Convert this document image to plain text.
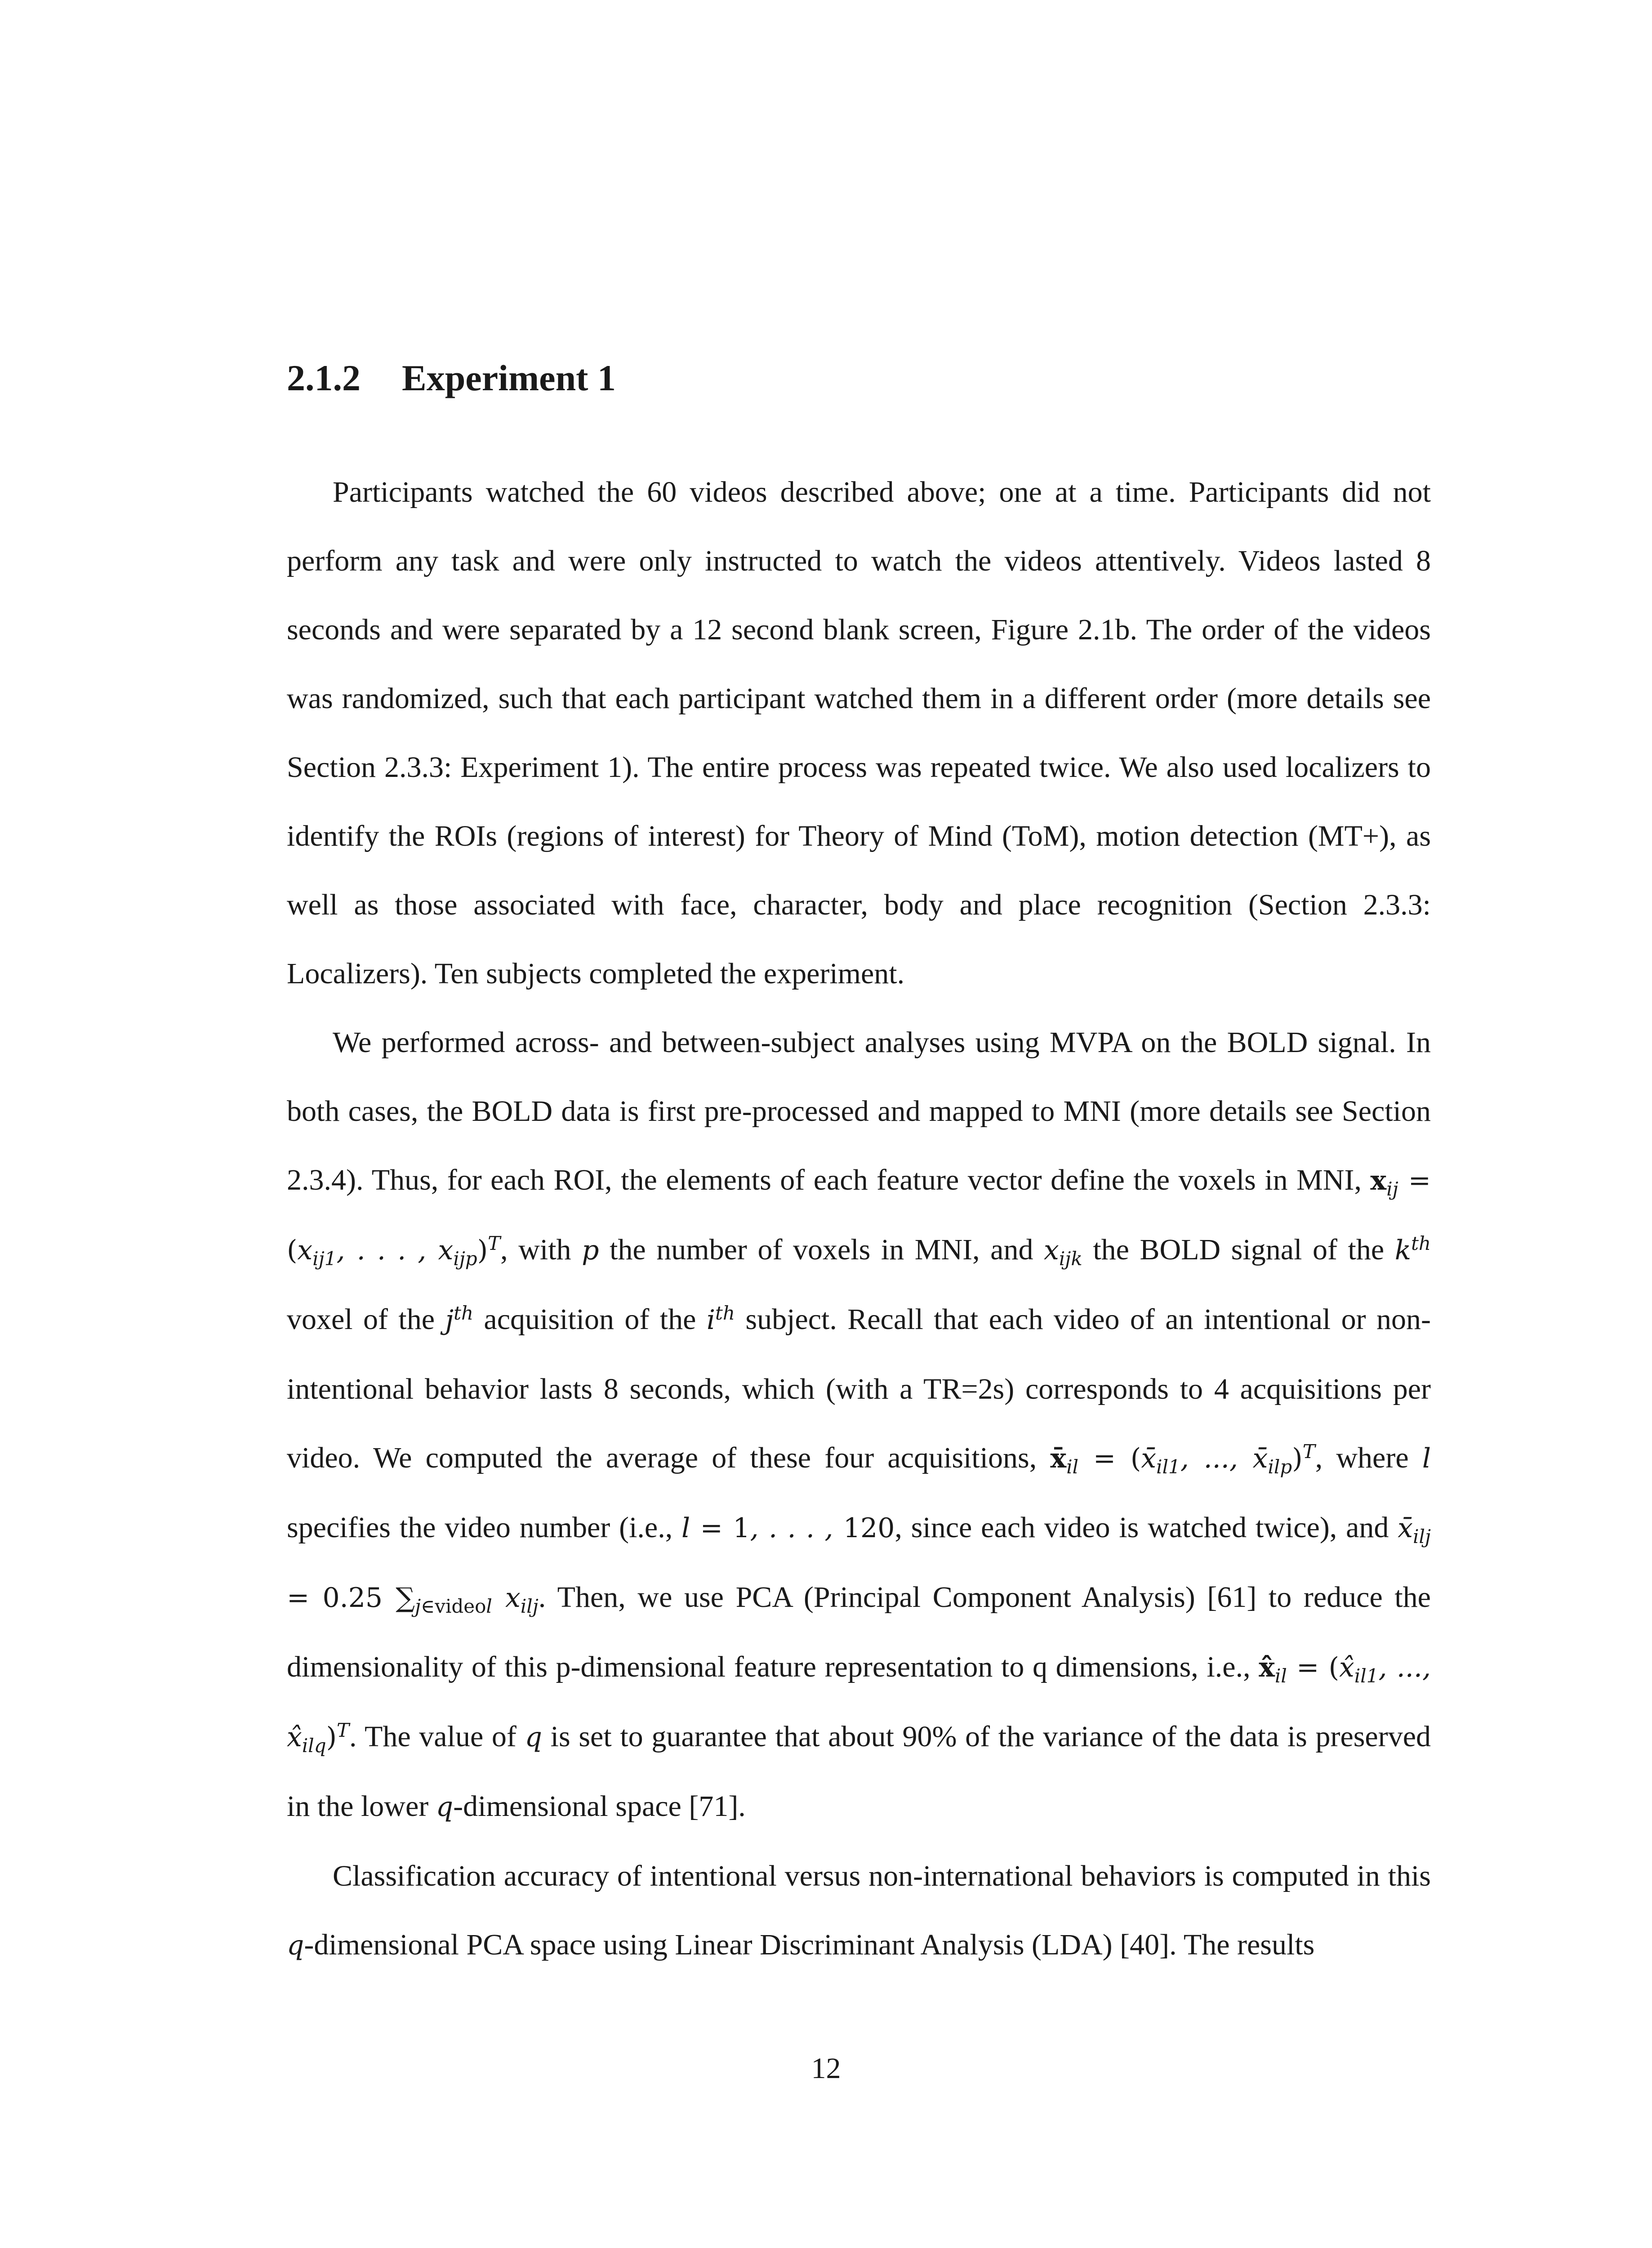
2.1.2 Experiment 1

Participants watched the 60 videos described above; one at a time. Participants did not perform any task and were only instructed to watch the videos attentively. Videos lasted 8 seconds and were separated by a 12 second blank screen, Figure 2.1b. The order of the videos was randomized, such that each participant watched them in a different order (more details see Section 2.3.3: Experiment 1). The entire process was repeated twice. We also used localizers to identify the ROIs (regions of interest) for Theory of Mind (ToM), motion detection (MT+), as well as those associated with face, character, body and place recognition (Section 2.3.3: Localizers). Ten subjects completed the experiment.

We performed across- and between-subject analyses using MVPA on the BOLD signal. In both cases, the BOLD data is first pre-processed and mapped to MNI (more details see Section 2.3.4). Thus, for each ROI, the elements of each feature vector define the voxels in MNI, $x_{ij} = (x_{ij1}$, . . . , $x_{ijp})^T$, with p the number of voxels in MNI, and $x_{ijk}$ the BOLD signal of the $k^{th}$ voxel of the $j^{th}$ acquisition of the $i^{th}$ subject. Recall that each video of an intentional or non-intentional behavior lasts 8 seconds, which (with a TR=2s) corresponds to 4 acquisitions per video. We computed the average of these four acquisitions, $x̄_{il}$ = ($x̄_{il1}$, ..., $x̄_{ilp})^T$, where l specifies the video number (i.e., l = 1, . . . , 120, since each video is watched twice), and $x̄_{ilj} = 0.25$ $\sum_{j\in videol}$ $x_{ilj}$. Then, we use PCA (Principal Component Analysis) [61] to reduce the dimensionality of this p-dimensional feature representation to q dimensions, i.e., $x̂_{il}$ = ($x̂_{il1}$, ..., $x̂_{ilq})^T$. The value of q is set to guarantee that about 90% of the variance of the data is preserved in the lower q-dimensional space [71].

Classification accuracy of intentional versus non-international behaviors is computed in this q-dimensional PCA space using Linear Discriminant Analysis (LDA) [40]. The results

12
